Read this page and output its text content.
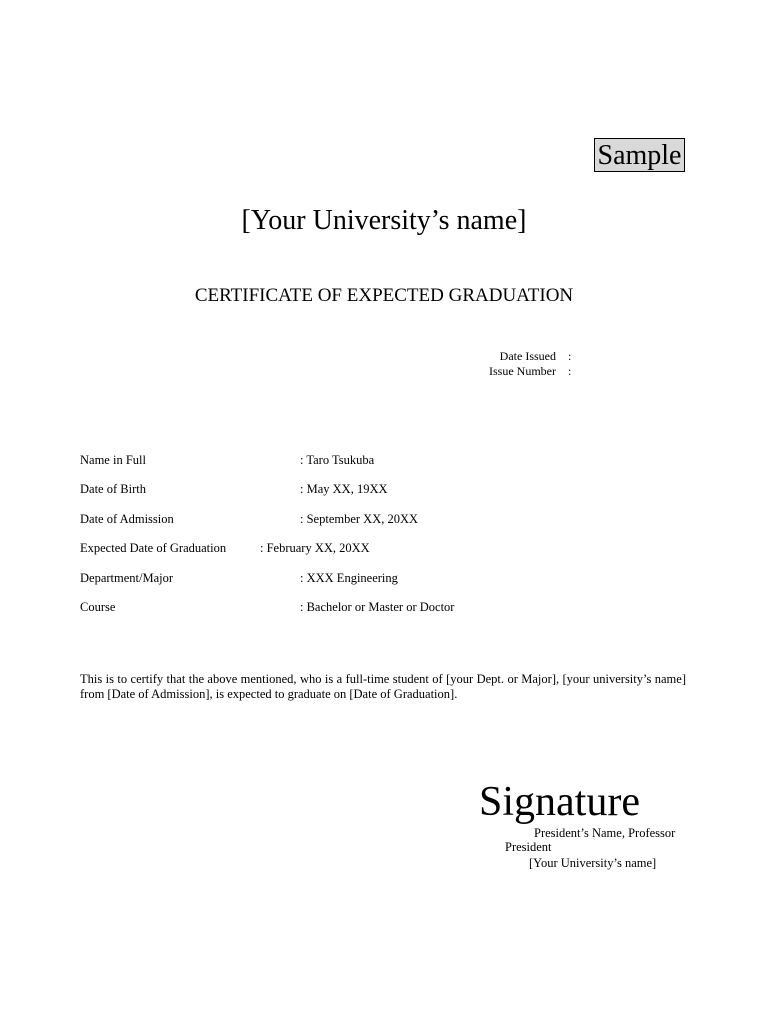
Sample
[Your University’s name]
CERTIFICATE OF EXPECTED GRADUATION
Date Issued :
Issue Number :
Name in Full	: Taro Tsukuba
Date of Birth	: May XX, 19XX
Date of Admission	: September XX, 20XX
Expected Date of Graduation	: February XX, 20XX
Department/Major	: XXX Engineering
Course	: Bachelor or Master or Doctor
This is to certify that the above mentioned, who is a full-time student of [your Dept. or Major], [your university’s name] from [Date of Admission], is expected to graduate on [Date of Graduation].
Signature
President’s Name, Professor
President
[Your University’s name]
